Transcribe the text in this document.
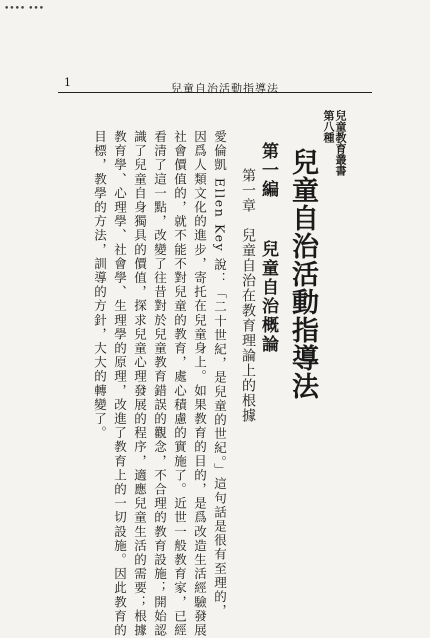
•••• •••
1	兒童自治活動指導法
兒童教育叢書
第八種
兒童自治活動指導法
第一編
兒童自治概論
第一章　兒童自治在教育理論上的根據
愛倫凱 Ellen Key 說：「二十世紀，是兒童的世紀。」這句話是很有至理的，
因爲人類文化的進步，寄托在兒童身上。如果教育的目的，是爲改造生活經驗發展
社會價值的，就不能不對兒童的教育，處心積慮的實施了。近世一般教育家，已經
看清了這一點，改變了往昔對於兒童教育錯誤的觀念，不合理的教育設施；開始認
識了兒童自身獨具的價值，探求兒童心理發展的程序，適應兒童生活的需要；根據
教育學、心理學、社會學、生理學的原理，改進了教育上的一切設施。因此教育的
目標，教學的方法，訓導的方針，大大的轉變了。
